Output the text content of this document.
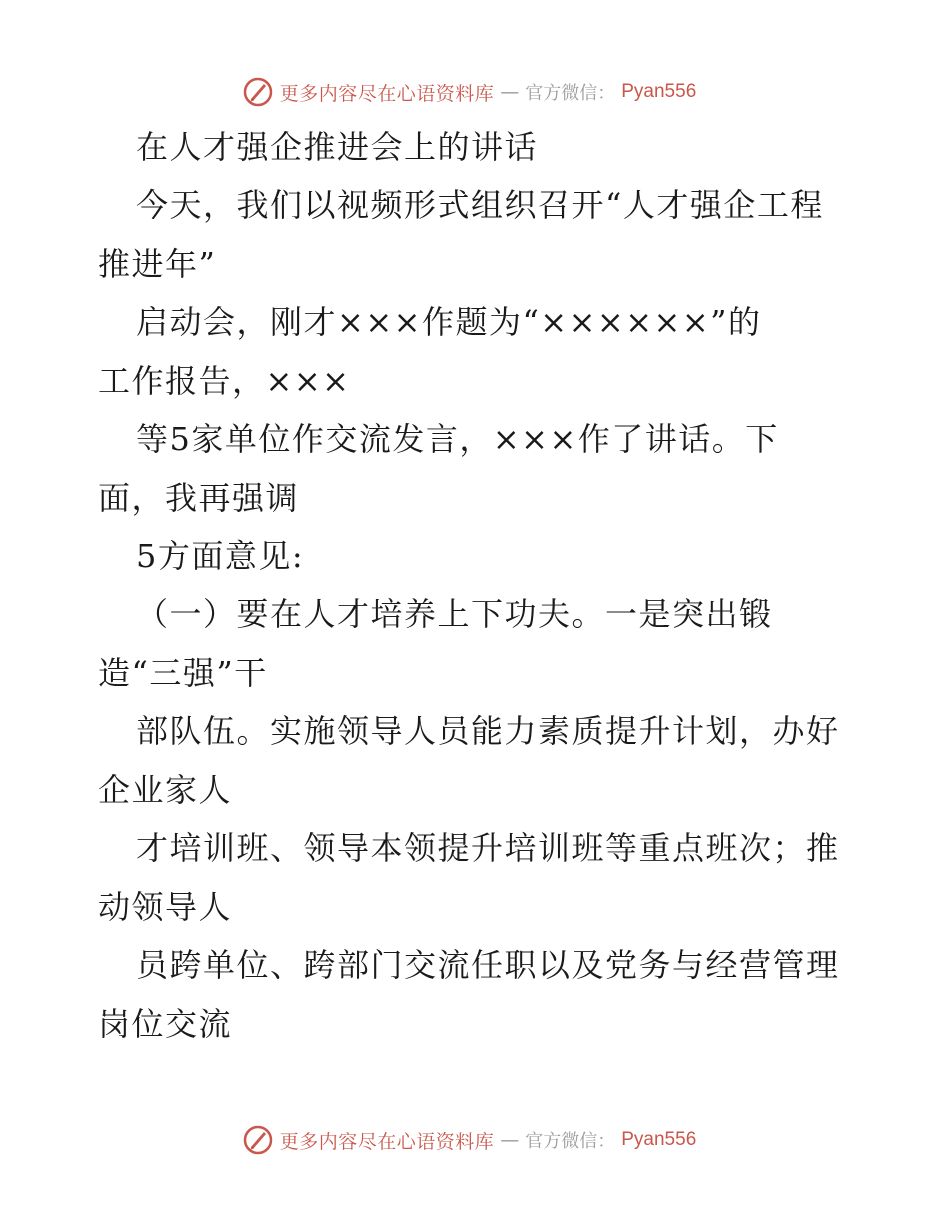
更多内容尽在心语资料库 — 官方微信： Pyan556
在人才强企推进会上的讲话
今天，我们以视频形式组织召开“人才强企工程
推进年”
启动会，刚才×××作题为“××××××”的
工作报告，×××
等5家单位作交流发言，×××作了讲话。下
面，我再强调
5方面意见:
（一）要在人才培养上下功夫。一是突出锻
造“三强”干
部队伍。实施领导人员能力素质提升计划，办好
企业家人
才培训班、领导本领提升培训班等重点班次；推
动领导人
员跨单位、跨部门交流任职以及党务与经营管理
岗位交流
更多内容尽在心语资料库 — 官方微信： Pyan556
